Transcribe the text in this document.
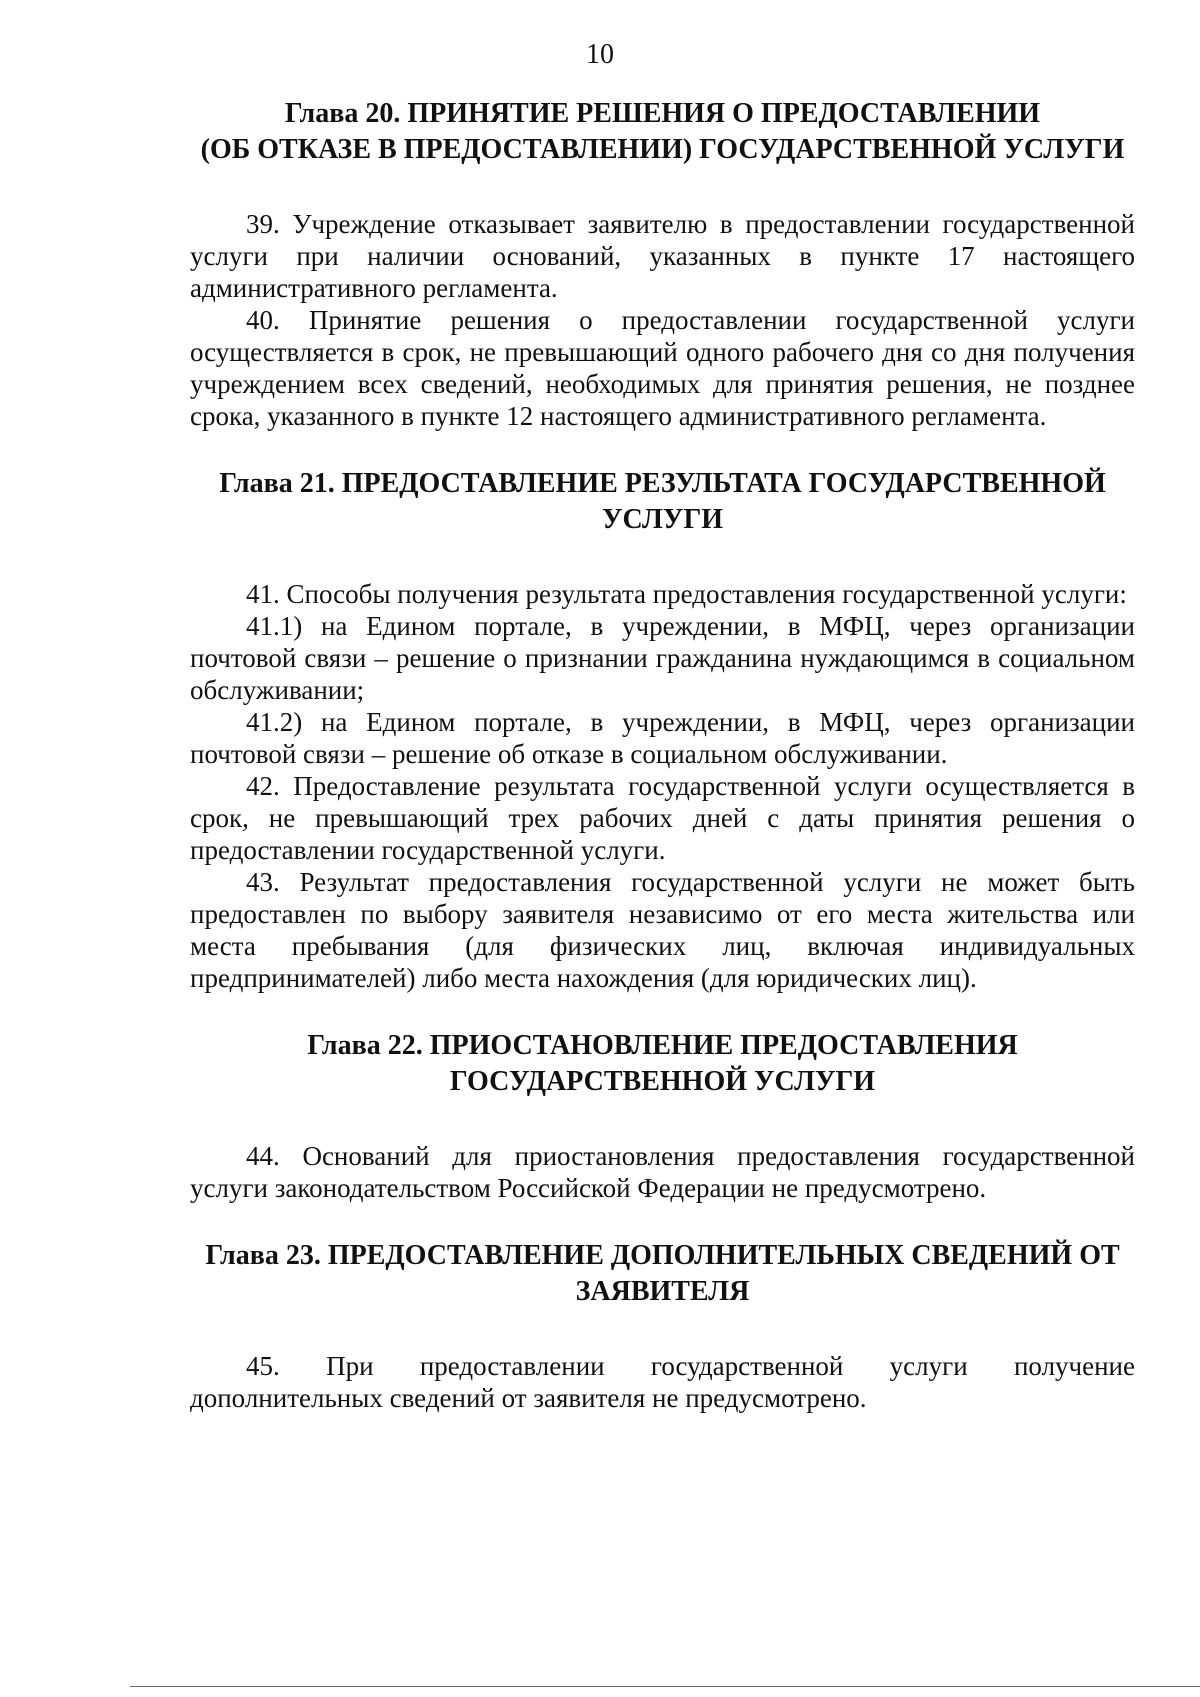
10
Глава 20. ПРИНЯТИЕ РЕШЕНИЯ О ПРЕДОСТАВЛЕНИИ
(ОБ ОТКАЗЕ В ПРЕДОСТАВЛЕНИИ) ГОСУДАРСТВЕННОЙ УСЛУГИ

39. Учреждение отказывает заявителю в предоставлении государственной услуги при наличии оснований, указанных в пункте 17 настоящего административного регламента.

40. Принятие решения о предоставлении государственной услуги осуществляется в срок, не превышающий одного рабочего дня со дня получения учреждением всех сведений, необходимых для принятия решения, не позднее срока, указанного в пункте 12 настоящего административного регламента.

Глава 21. ПРЕДОСТАВЛЕНИЕ РЕЗУЛЬТАТА ГОСУДАРСТВЕННОЙ
УСЛУГИ

41. Способы получения результата предоставления государственной услуги:

41.1) на Едином портале, в учреждении, в МФЦ, через организации почтовой связи – решение о признании гражданина нуждающимся в социальном обслуживании;

41.2) на Едином портале, в учреждении, в МФЦ, через организации почтовой связи – решение об отказе в социальном обслуживании.

42. Предоставление результата государственной услуги осуществляется в срок, не превышающий трех рабочих дней с даты принятия решения о предоставлении государственной услуги.

43. Результат предоставления государственной услуги не может быть предоставлен по выбору заявителя независимо от его места жительства или места пребывания (для физических лиц, включая индивидуальных предпринимателей) либо места нахождения (для юридических лиц).

Глава 22. ПРИОСТАНОВЛЕНИЕ ПРЕДОСТАВЛЕНИЯ
ГОСУДАРСТВЕННОЙ УСЛУГИ

44. Оснований для приостановления предоставления государственной услуги законодательством Российской Федерации не предусмотрено.

Глава 23. ПРЕДОСТАВЛЕНИЕ ДОПОЛНИТЕЛЬНЫХ СВЕДЕНИЙ ОТ
ЗАЯВИТЕЛЯ

45. При предоставлении государственной услуги получение дополнительных сведений от заявителя не предусмотрено.
